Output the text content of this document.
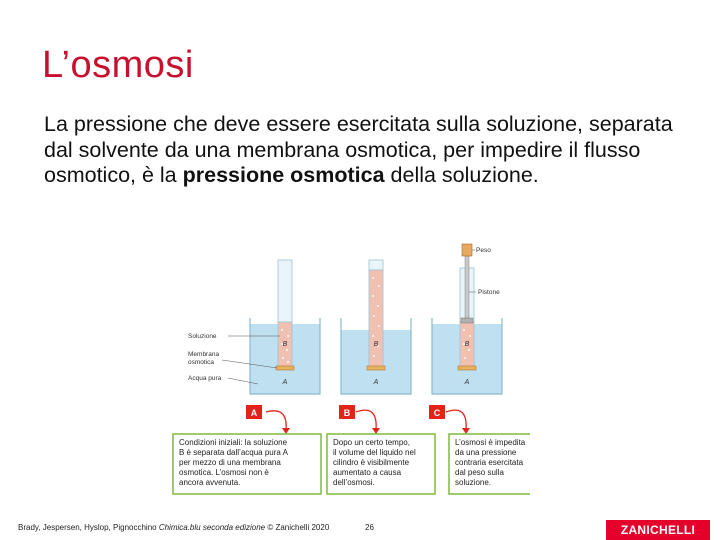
L’osmosi
La pressione che deve essere esercitata sulla soluzione, separata dal solvente da una membrana osmotica, per impedire il flusso osmotico, è la pressione osmotica della soluzione.
B	B	B
A	A	A
Soluzione
Membrana
osmotica
Acqua pura
Peso
Pistone
A	B	C
Condizioni iniziali: la soluzione
B è separata dall’acqua pura A
per mezzo di una membrana
osmotica. L’osmosi non è
ancora avvenuta.
Dopo un certo tempo,
il volume del liquido nel
cilindro è visibilmente
aumentato a causa
dell’osmosi.
L’osmosi è impedita
da una pressione
contraria esercitata
dal peso sulla
soluzione.
Brady, Jespersen, Hyslop, Pignocchino Chimica.blu seconda edizione © Zanichelli 2020	26	ZANICHELLI
